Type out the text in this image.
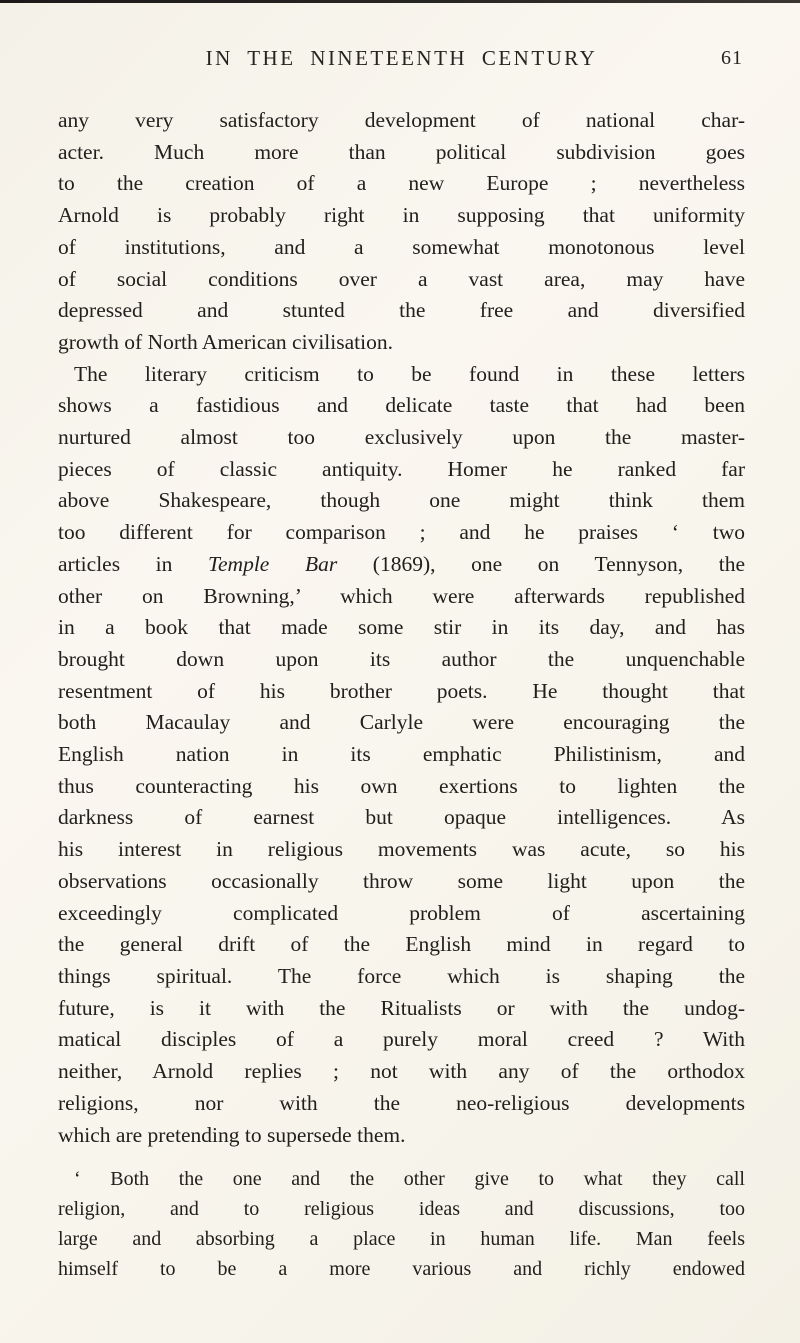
IN THE NINETEENTH CENTURY	61
any very satisfactory development of national char-
acter. Much more than political subdivision goes
to the creation of a new Europe ; nevertheless
Arnold is probably right in supposing that uniformity
of institutions, and a somewhat monotonous level
of social conditions over a vast area, may have
depressed and stunted the free and diversified
growth of North American civilisation.
The literary criticism to be found in these letters
shows a fastidious and delicate taste that had been
nurtured almost too exclusively upon the master-
pieces of classic antiquity. Homer he ranked far
above Shakespeare, though one might think them
too different for comparison ; and he praises ‘ two
articles in Temple Bar (1869), one on Tennyson, the
other on Browning,’ which were afterwards republished
in a book that made some stir in its day, and has
brought down upon its author the unquenchable
resentment of his brother poets. He thought that
both Macaulay and Carlyle were encouraging the
English nation in its emphatic Philistinism, and
thus counteracting his own exertions to lighten the
darkness of earnest but opaque intelligences. As
his interest in religious movements was acute, so his
observations occasionally throw some light upon the
exceedingly complicated problem of ascertaining
the general drift of the English mind in regard to
things spiritual. The force which is shaping the
future, is it with the Ritualists or with the undog-
matical disciples of a purely moral creed ? With
neither, Arnold replies ; not with any of the orthodox
religions, nor with the neo-religious developments
which are pretending to supersede them.
‘ Both the one and the other give to what they call
religion, and to religious ideas and discussions, too
large and absorbing a place in human life. Man feels
himself to be a more various and richly endowed
